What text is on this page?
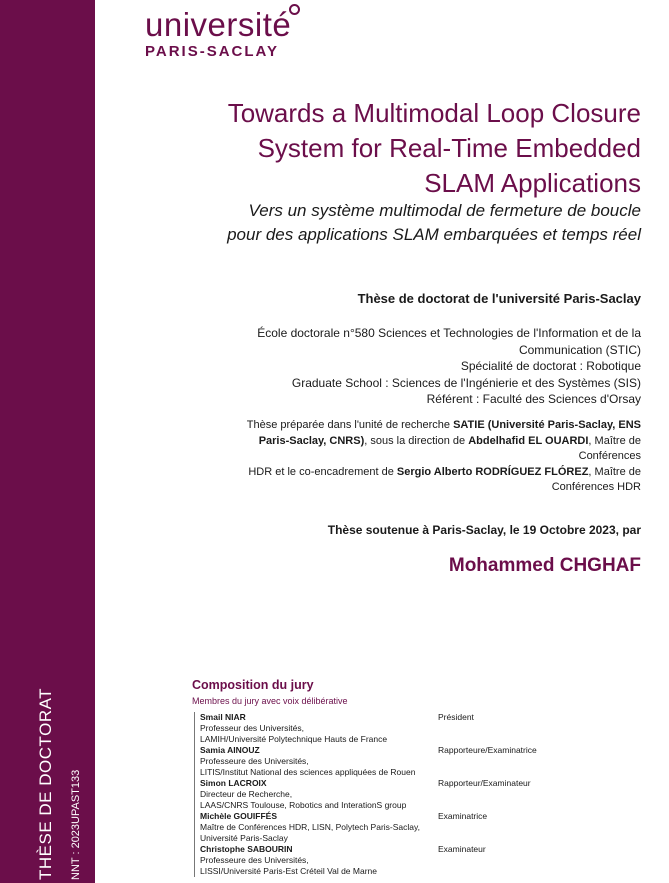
THÈSE DE DOCTORAT NNT : 2023UPAST133
université
PARIS-SACLAY
Towards a Multimodal Loop Closure
System for Real-Time Embedded
SLAM Applications
Vers un système multimodal de fermeture de boucle
pour des applications SLAM embarquées et temps réel
Thèse de doctorat de l'université Paris-Saclay
École doctorale n°580 Sciences et Technologies de l'Information et de la
Communication (STIC)
Spécialité de doctorat : Robotique
Graduate School : Sciences de l'Ingénierie et des Systèmes (SIS)
Référent : Faculté des Sciences d'Orsay
Thèse préparée dans l'unité de recherche SATIE (Université Paris-Saclay, ENS
Paris-Saclay, CNRS), sous la direction de Abdelhafid EL OUARDI, Maître de Conférences
HDR et le co-encadrement de Sergio Alberto RODRÍGUEZ FLÓREZ, Maître de
Conférences HDR
Thèse soutenue à Paris-Saclay, le 19 Octobre 2023, par
Mohammed CHGHAF
Composition du jury
Membres du jury avec voix délibérative
Smail NIAR	Président
Professeur des Universités,
LAMIH/Université Polytechnique Hauts de France
Samia AINOUZ	Rapporteure/Examinatrice
Professeure des Universités,
LITIS/Institut National des sciences appliquées de Rouen
Simon LACROIX	Rapporteur/Examinateur
Directeur de Recherche,
LAAS/CNRS Toulouse, Robotics and InterationS group
Michèle GOUIFFÉS	Examinatrice
Maître de Conférences HDR, LISN, Polytech Paris-Saclay,
Université Paris-Saclay
Christophe SABOURIN	Examinateur
Professeure des Universités,
LISSI/Université Paris-Est Créteil Val de Marne
